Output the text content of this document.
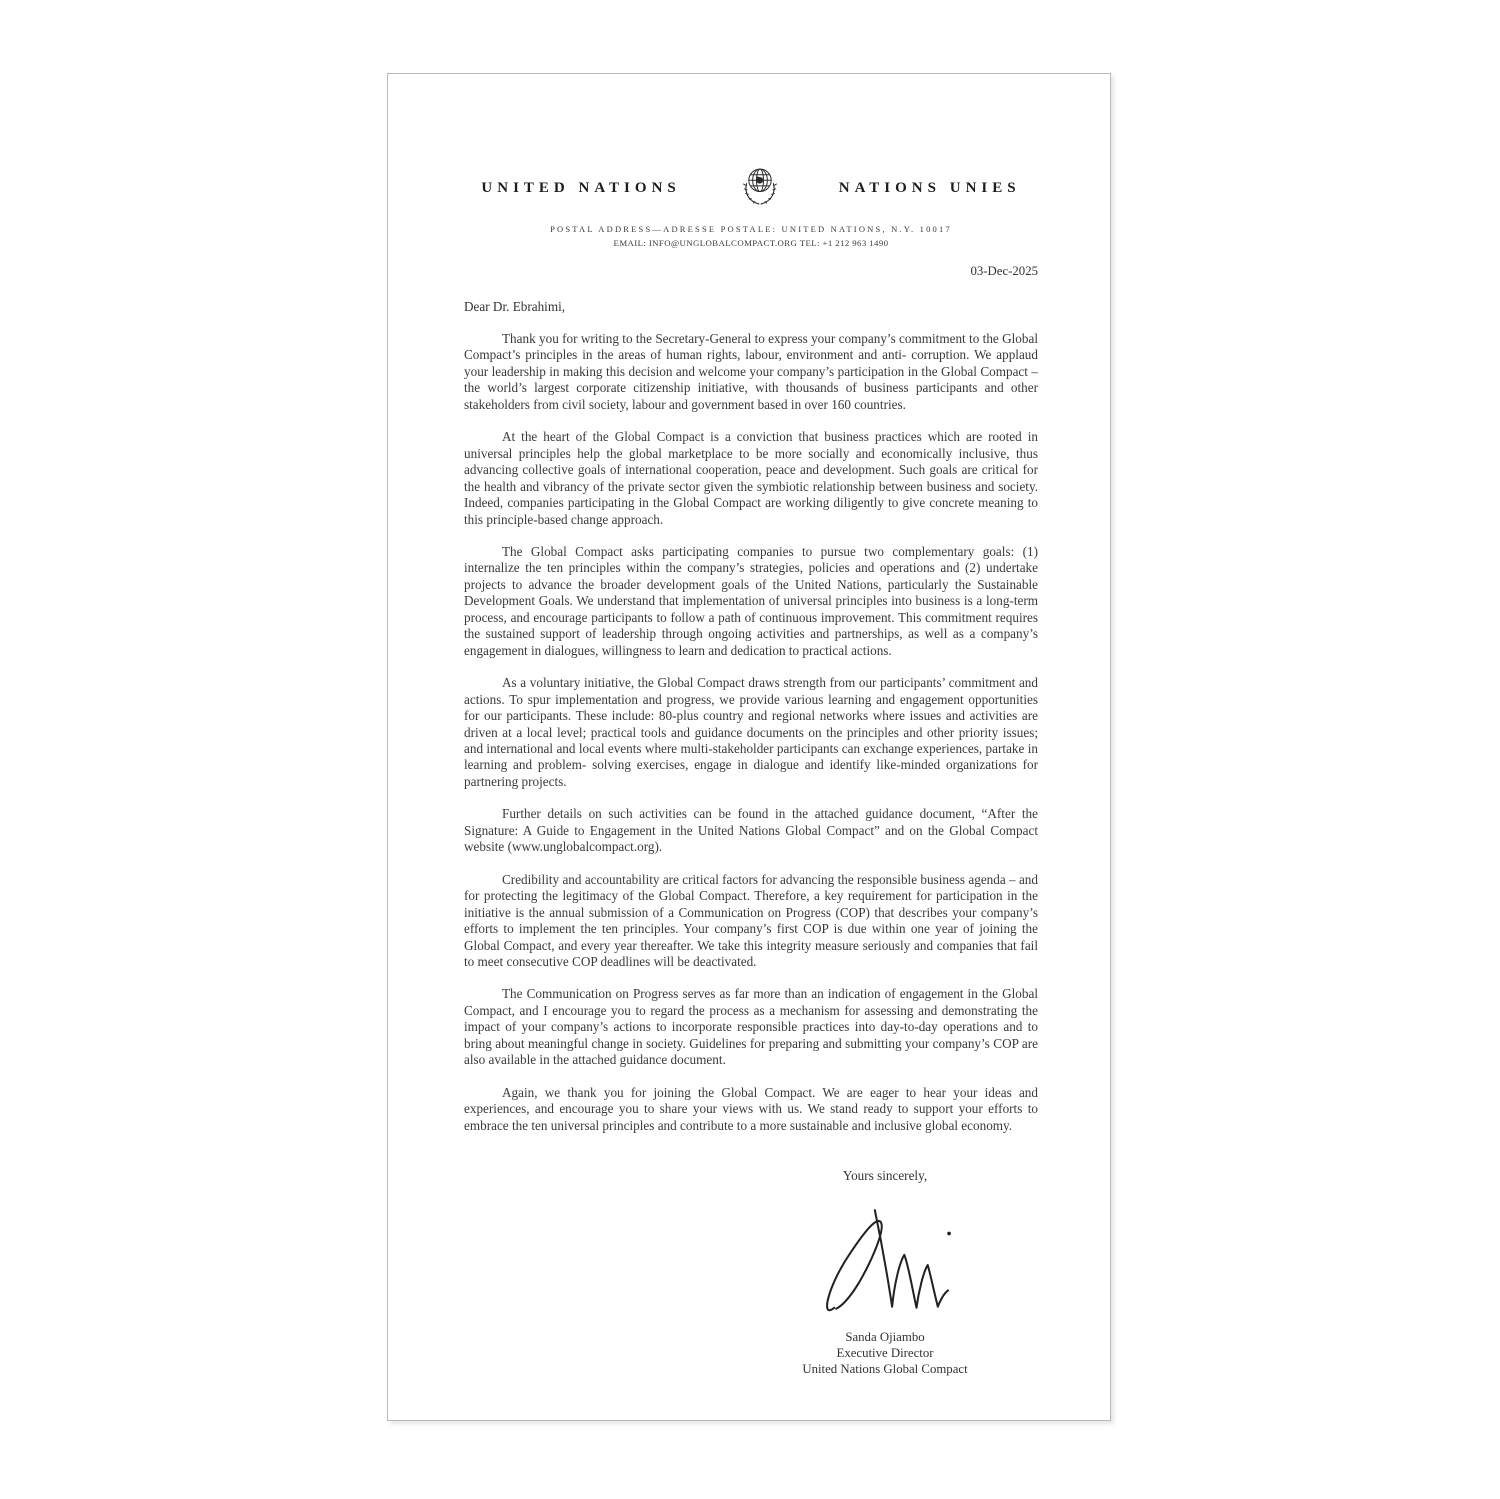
UNITED NATIONS	NATIONS UNIES
POSTAL ADDRESS—ADRESSE POSTALE: UNITED NATIONS, N.Y. 10017
EMAIL: INFO@UNGLOBALCOMPACT.ORG TEL: +1 212 963 1490
03-Dec-2025
Dear Dr. Ebrahimi,

Thank you for writing to the Secretary-General to express your company’s commitment to the Global Compact’s principles in the areas of human rights, labour, environment and anti- corruption. We applaud your leadership in making this decision and welcome your company’s participation in the Global Compact – the world’s largest corporate citizenship initiative, with thousands of business participants and other stakeholders from civil society, labour and government based in over 160 countries.

At the heart of the Global Compact is a conviction that business practices which are rooted in universal principles help the global marketplace to be more socially and economically inclusive, thus advancing collective goals of international cooperation, peace and development. Such goals are critical for the health and vibrancy of the private sector given the symbiotic relationship between business and society. Indeed, companies participating in the Global Compact are working diligently to give concrete meaning to this principle-based change approach.

The Global Compact asks participating companies to pursue two complementary goals: (1) internalize the ten principles within the company’s strategies, policies and operations and (2) undertake projects to advance the broader development goals of the United Nations, particularly the Sustainable Development Goals. We understand that implementation of universal principles into business is a long-term process, and encourage participants to follow a path of continuous improvement. This commitment requires the sustained support of leadership through ongoing activities and partnerships, as well as a company’s engagement in dialogues, willingness to learn and dedication to practical actions.

As a voluntary initiative, the Global Compact draws strength from our participants’ commitment and actions. To spur implementation and progress, we provide various learning and engagement opportunities for our participants. These include: 80-plus country and regional networks where issues and activities are driven at a local level; practical tools and guidance documents on the principles and other priority issues; and international and local events where multi-stakeholder participants can exchange experiences, partake in learning and problem- solving exercises, engage in dialogue and identify like-minded organizations for partnering projects.

Further details on such activities can be found in the attached guidance document, “After the Signature: A Guide to Engagement in the United Nations Global Compact” and on the Global Compact website (www.unglobalcompact.org).

Credibility and accountability are critical factors for advancing the responsible business agenda – and for protecting the legitimacy of the Global Compact. Therefore, a key requirement for participation in the initiative is the annual submission of a Communication on Progress (COP) that describes your company’s efforts to implement the ten principles. Your company’s first COP is due within one year of joining the Global Compact, and every year thereafter. We take this integrity measure seriously and companies that fail to meet consecutive COP deadlines will be deactivated.

The Communication on Progress serves as far more than an indication of engagement in the Global Compact, and I encourage you to regard the process as a mechanism for assessing and demonstrating the impact of your company’s actions to incorporate responsible practices into day-to-day operations and to bring about meaningful change in society. Guidelines for preparing and submitting your company’s COP are also available in the attached guidance document.

Again, we thank you for joining the Global Compact. We are eager to hear your ideas and experiences, and encourage you to share your views with us. We stand ready to support your efforts to embrace the ten universal principles and contribute to a more sustainable and inclusive global economy.

Yours sincerely,
Sanda Ojiambo
Executive Director
United Nations Global Compact
